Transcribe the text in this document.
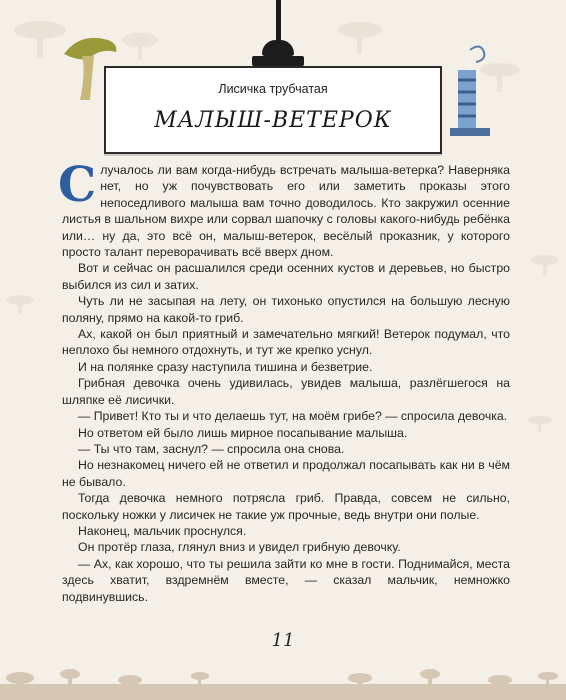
Лисичка трубчатая
МАЛЫШ-ВЕТЕРОК

Случалось ли вам когда-нибудь встречать малыша-ветерка? Наверняка нет, но уж почувствовать его или заметить проказы этого непоседливого малыша вам точно доводилось. Кто закружил осенние листья в шальном вихре или сорвал шапочку с головы какого-нибудь ребёнка или… ну да, это всё он, малыш-ветерок, весёлый проказник, у которого просто талант переворачивать всё вверх дном.

Вот и сейчас он расшалился среди осенних кустов и деревьев, но быстро выбился из сил и затих.

Чуть ли не засыпая на лету, он тихонько опустился на большую лесную поляну, прямо на какой-то гриб.

Ах, какой он был приятный и замечательно мягкий! Ветерок подумал, что неплохо бы немного отдохнуть, и тут же крепко уснул.

И на полянке сразу наступила тишина и безветрие.

Грибная девочка очень удивилась, увидев малыша, разлёгшегося на шляпке её лисички.

— Привет! Кто ты и что делаешь тут, на моём грибе? — спросила девочка.

Но ответом ей было лишь мирное посапывание малыша.

— Ты что там, заснул? — спросила она снова.

Но незнакомец ничего ей не ответил и продолжал посапывать как ни в чём не бывало.

Тогда девочка немного потрясла гриб. Правда, совсем не сильно, поскольку ножки у лисичек не такие уж прочные, ведь внутри они полые.

Наконец, мальчик проснулся.

Он протёр глаза, глянул вниз и увидел грибную девочку.

— Ах, как хорошо, что ты решила зайти ко мне в гости. Поднимайся, места здесь хватит, вздремнём вместе, — сказал мальчик, немножко подвинувшись.

11
